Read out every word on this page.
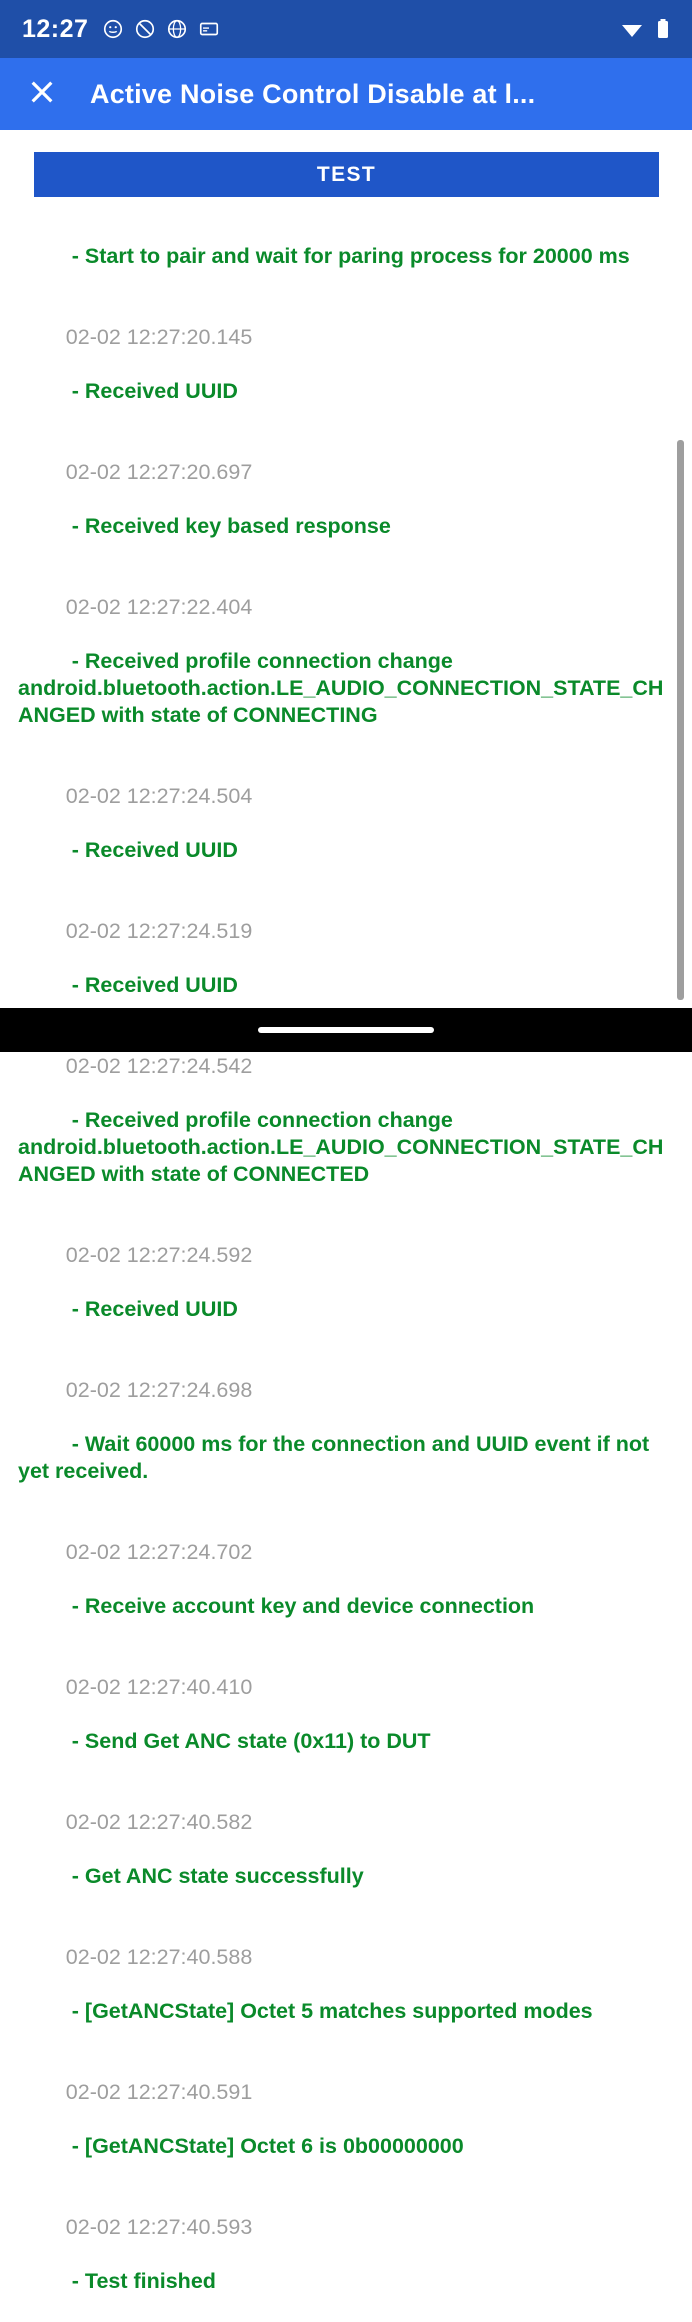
12:27
Active Noise Control Disable at l...

- Start to pair and wait for paring process for 20000 ms

02-02 12:27:20.145

- Received UUID

02-02 12:27:20.697

- Received key based response

02-02 12:27:22.404

- Received profile connection change android.bluetooth.action.LE_AUDIO_CONNECTION_STATE_CHANGED with state of CONNECTING

02-02 12:27:24.504

- Received UUID

02-02 12:27:24.519

- Received UUID

02-02 12:27:24.542

- Received profile connection change android.bluetooth.action.LE_AUDIO_CONNECTION_STATE_CHANGED with state of CONNECTED

02-02 12:27:24.592

- Received UUID

02-02 12:27:24.698

- Wait 60000 ms for the connection and UUID event if not yet received.

02-02 12:27:24.702

- Receive account key and device connection

02-02 12:27:40.410

- Send Get ANC state (0x11) to DUT

02-02 12:27:40.582

- Get ANC state successfully

02-02 12:27:40.588

- [GetANCState] Octet 5 matches supported modes

02-02 12:27:40.591

- [GetANCState] Octet 6 is 0b00000000

02-02 12:27:40.593

- Test finished

TEST
